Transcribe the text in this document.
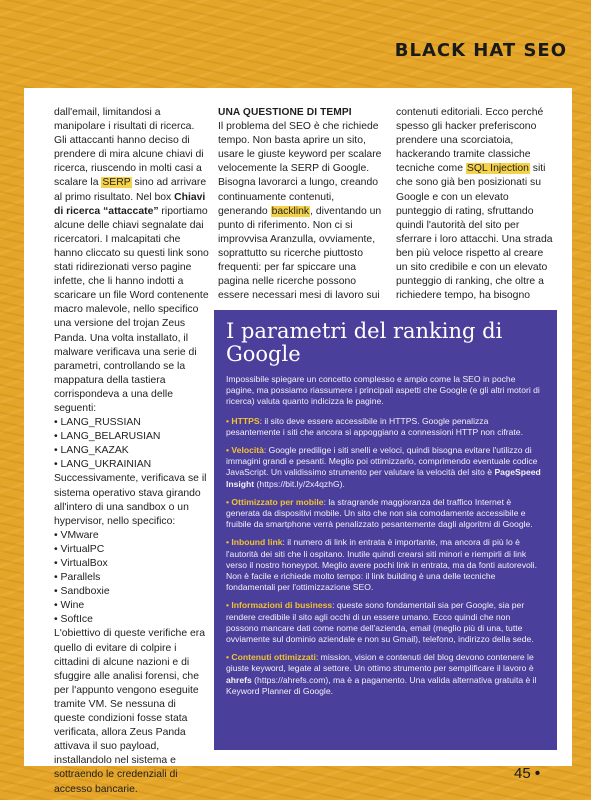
BLACK HAT SEO

dall'email, limitandosi a manipolare i risultati di ricerca. Gli attaccanti hanno deciso di prendere di mira alcune chiavi di ricerca, riuscendo in molti casi a scalare la SERP sino ad arrivare al primo risultato. Nel box Chiavi di ricerca “attaccate” riportiamo alcune delle chiavi segnalate dai ricercatori. I malcapitati che hanno cliccato su questi link sono stati ridirezionati verso pagine infette, che li hanno indotti a scaricare un file Word contenente macro malevole, nello specifico una versione del trojan Zeus Panda. Una volta installato, il malware verificava una serie di parametri, controllando se la mappatura della tastiera corrispondeva a una delle seguenti:

• LANG_RUSSIAN
• LANG_BELARUSIAN
• LANG_KAZAK
• LANG_UKRAINIAN

Successivamente, verificava se il sistema operativo stava girando all'intero di una sandbox o un hypervisor, nello specifico:

• VMware
• VirtualPC
• VirtualBox
• Parallels
• Sandboxie
• Wine
• SoftIce

L'obiettivo di queste verifiche era quello di evitare di colpire i cittadini di alcune nazioni e di sfuggire alle analisi forensi, che per l'appunto vengono eseguite tramite VM. Se nessuna di queste condizioni fosse stata verificata, allora Zeus Panda attivava il suo payload, installandolo nel sistema e sottraendo le credenziali di accesso bancarie.

UNA QUESTIONE DI TEMPI

Il problema del SEO è che richiede tempo. Non basta aprire un sito, usare le giuste keyword per scalare velocemente la SERP di Google. Bisogna lavorarci a lungo, creando continuamente contenuti, generando backlink, diventando un punto di riferimento. Non ci si improvvisa Aranzulla, ovviamente, soprattutto su ricerche piuttosto frequenti: per far spiccare una pagina nelle ricerche possono essere necessari mesi di lavoro sui

contenuti editoriali. Ecco perché spesso gli hacker preferiscono prendere una scorciatoia, hackerando tramite classiche tecniche come SQL Injection siti che sono già ben posizionati su Google e con un elevato punteggio di rating, sfruttando quindi l'autorità del sito per sferrare i loro attacchi. Una strada ben più veloce rispetto al creare un sito credibile e con un elevato punteggio di ranking, che oltre a richiedere tempo, ha bisogno

I parametri del ranking di Google

Impossibile spiegare un concetto complesso e ampio come la SEO in poche pagine, ma possiamo riassumere i principali aspetti che Google (e gli altri motori di ricerca) valuta quanto indicizza le pagine.

• HTTPS: il sito deve essere accessibile in HTTPS. Google penalizza pesantemente i siti che ancora si appoggiano a connessioni HTTP non cifrate.

• Velocità: Google predilige i siti snelli e veloci, quindi bisogna evitare l'utilizzo di immagini grandi e pesanti. Meglio poi ottimizzarlo, comprimendo eventuale codice JavaScript. Un validissimo strumento per valutare la velocità del sito è PageSpeed Insight (https://bit.ly/2x4qzhG).

• Ottimizzato per mobile: la stragrande maggioranza del traffico Internet è generata da dispositivi mobile. Un sito che non sia comodamente accessibile e fruibile da smartphone verrà penalizzato pesantemente dagli algoritmi di Google.

• Inbound link: il numero di link in entrata è importante, ma ancora di più lo è l'autorità dei siti che li ospitano. Inutile quindi crearsi siti minori e riempirli di link verso il nostro honeypot. Meglio avere pochi link in entrata, ma da fonti autorevoli. Non è facile e richiede molto tempo: il link building è una delle tecniche fondamentali per l'ottimizzazione SEO.

• Informazioni di business: queste sono fondamentali sia per Google, sia per rendere credibile il sito agli occhi di un essere umano. Ecco quindi che non possono mancare dati come nome dell'azienda, email (meglio più di una, tutte ovviamente sul dominio aziendale e non su Gmail), telefono, indirizzo della sede.

• Contenuti ottimizzati: mission, vision e contenuti del blog devono contenere le giuste keyword, legate al settore. Un ottimo strumento per semplificare il lavoro è ahrefs (https://ahrefs.com), ma è a pagamento. Una valida alternativa gratuita è il Keyword Planner di Google.

45 •
